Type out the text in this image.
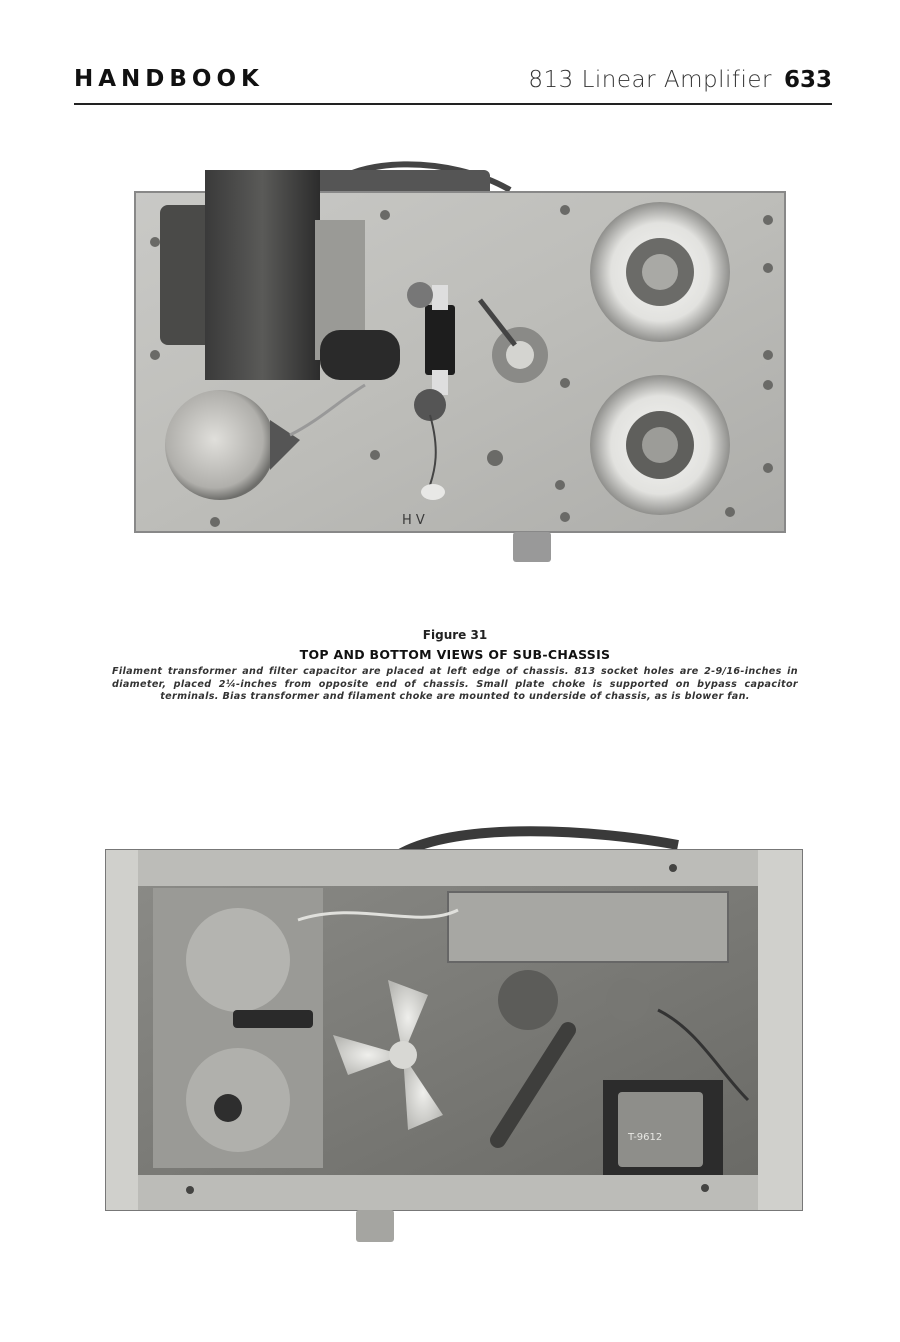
HANDBOOK	813 Linear Amplifier 633
H V
Figure 31
TOP AND BOTTOM VIEWS OF SUB-CHASSIS
Filament transformer and filter capacitor are placed at left edge of chassis. 813 socket holes are 2-9/16-inches in diameter, placed 2¼-inches from opposite end of chassis. Small plate choke is supported on bypass capacitor terminals. Bias transformer and filament choke are mounted to underside of chassis, as is blower fan.
T-9612
